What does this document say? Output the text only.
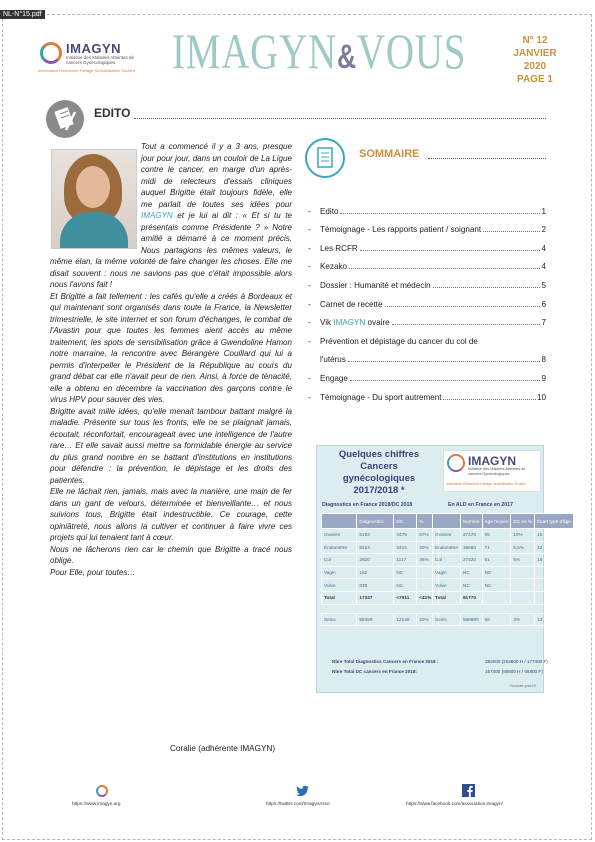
NL-N°15.pdf
IMAGYN
Initiative des Malades Atteintes de cancers Gynécologiques
Information Recherche Partage Sensibilisation Soutien IMAGYN&VOUS	N° 12
JANVIER
2020
PAGE 1
EDITO

Tout a commencé il y a 3 ans, presque jour pour jour, dans un couloir de La Ligue contre le cancer, en marge d'un après-midi de relecteurs d'essais cliniques auquel Brigitte était toujours fidèle, elle me parlait de toutes ses idées pour IMAGYN et je lui ai dit : « Et si tu te présentais comme Présidente ? » Notre amitié a démarré à ce moment précis. Nous partagions les mêmes valeurs, le même élan, la même volonté de faire changer les choses. Elle me disait souvent : nous ne savions pas que c'était impossible alors nous l'avons fait !

Et Brigitte a fait tellement : les cafés qu'elle a créés à Bordeaux et qui maintenant sont organisés dans toute la France, la Newsletter trimestrielle, le site internet et son forum d'échanges, le combat de l'Avastin pour que toutes les femmes aient accès au même traitement, les spots de sensibilisation grâce à Gwendoline Hamon notre marraine, la rencontre avec Bérangère Couillard qui lui a permis d'interpeller le Président de la République au cours du grand débat car elle n'avait peur de rien. Ainsi, à force de ténacité, elle a obtenu en décembre la vaccination des garçons contre le virus HPV pour sauver des vies.

Brigitte avait mille idées, qu'elle menait tambour battant malgré la maladie. Présente sur tous les fronts, elle ne se plaignait jamais, écoutait, réconfortait, encourageait avec une intelligence de l'autre rare… Et elle savait aussi mettre sa formidable énergie au service du plus grand nombre en se battant d'institutions en institutions pour défendre : la prévention, le dépistage et les droits des patientes.

Elle ne lâchait rien, jamais, mais avec la manière, une main de fer dans un gant de velours, déterminée et bienveillante… et nous suivions tous, Brigitte était indestructible. Ce courage, cette opiniâtreté, nous allons la cultiver et continuer à faire vivre ces projets qui lui tenaient tant à cœur.

Nous ne lâcherons rien car le chemin que Brigitte a tracé nous oblige.

Pour Elle, pour toutes…

Coralie (adhérente IMAGYN)
SOMMAIRE
-	Edito	1
-	Témoignage - Les rapports patient / soignant	2
-	Les RCFR	4
-	Kezako	4
-	Dossier : Humanité et médecin	5
-	Carnet de recette	6
-	Vik IMAGYN ovaire	7
-	Prévention et dépistage du cancer du col de
l'utérus	8
-	Engage	9
-	Témoignage - Du sport autrement	10
Quelques chiffres Cancers
gynécologiques
2017/2018 *
IMAGYN
Initiative des Malades Atteintes de cancers Gynécologiques
Information Recherche Partage Sensibilisation Soutien
Diagnostics en France 2018/DC 2018	En ALD en France en 2017
	Diagnostics	DC	%
Ovaires	5193	3479	67%
Endomètre	8224	2415	30%
Col	2920	1117	38%
Vagin	162	NC	
Vulve	838	NC	
Total	17337	<7011	<41%

Seins	58459	12146	20%
	Nombre	Age moyen	DC en %	Écart type d'âge
Ovaires	27470	65	10%	15
Endomètre	36680	71	5,5%	12
Col	27220	61	5%	15
Vagin	NC	NC		
Vulve	NC	NC		
Total	91770			

Seins	588880	66	3%	13
Nbre Total Diagnostics Cancers en France 2018 :
Nbre Total DC cancers en France 2018:
382000 (204600 H / 177400 F)
157400 (90600 H / 66800 F)
*Sources procI.fr
https://www.imagyn.org	https://twitter.com/ImagynAsso	https://www.facebook.com/association.imagyn/
